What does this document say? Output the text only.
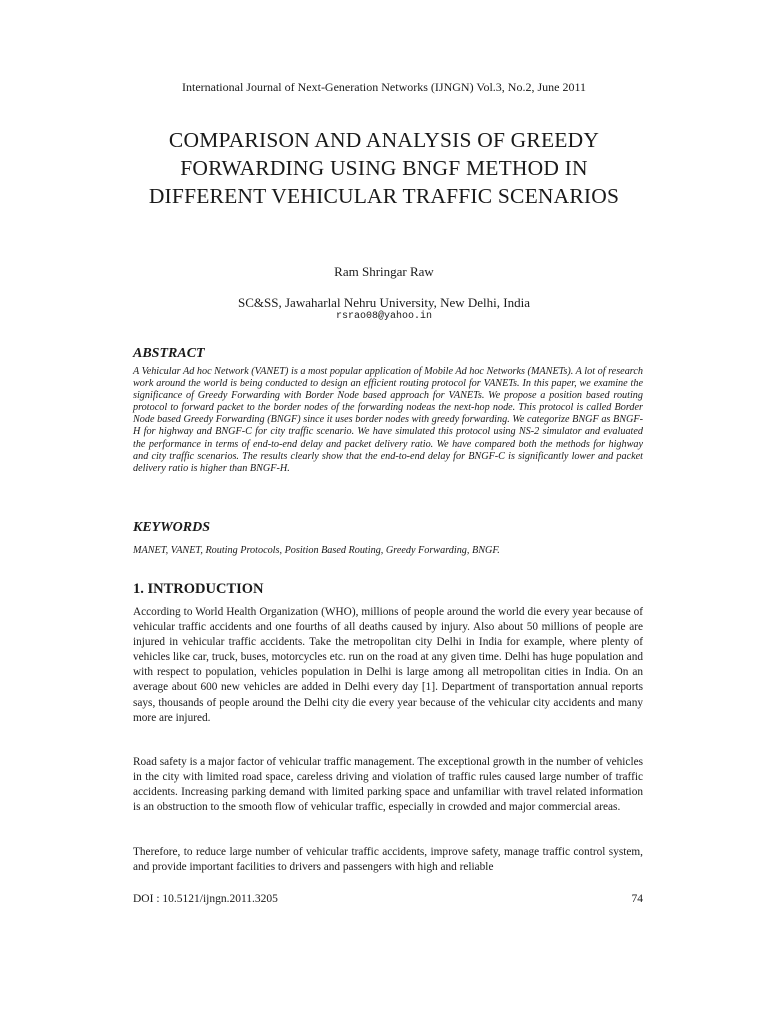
International Journal of Next-Generation Networks (IJNGN) Vol.3, No.2, June 2011
COMPARISON AND ANALYSIS OF GREEDY FORWARDING USING BNGF METHOD IN DIFFERENT VEHICULAR TRAFFIC SCENARIOS
Ram Shringar Raw
SC&SS, Jawaharlal Nehru University, New Delhi, India
rsrao08@yahoo.in
ABSTRACT

A Vehicular Ad hoc Network (VANET) is a most popular application of Mobile Ad hoc Networks (MANETs). A lot of research work around the world is being conducted to design an efficient routing protocol for VANETs. In this paper, we examine the significance of Greedy Forwarding with Border Node based approach for VANETs. We propose a position based routing protocol to forward packet to the border nodes of the forwarding nodeas the next-hop node. This protocol is called Border Node based Greedy Forwarding (BNGF) since it uses border nodes with greedy forwarding. We categorize BNGF as BNGF-H for highway and BNGF-C for city traffic scenario. We have simulated this protocol using NS-2 simulator and evaluated the performance in terms of end-to-end delay and packet delivery ratio. We have compared both the methods for highway and city traffic scenarios. The results clearly show that the end-to-end delay for BNGF-C is significantly lower and packet delivery ratio is higher than BNGF-H.

KEYWORDS

MANET, VANET, Routing Protocols, Position Based Routing, Greedy Forwarding, BNGF.

1. INTRODUCTION

According to World Health Organization (WHO), millions of people around the world die every year because of vehicular traffic accidents and one fourths of all deaths caused by injury. Also about 50 millions of people are injured in vehicular traffic accidents. Take the metropolitan city Delhi in India for example, where plenty of vehicles like car, truck, buses, motorcycles etc. run on the road at any given time. Delhi has huge population and with respect to population, vehicles population in Delhi is large among all metropolitan cities in India. On an average about 600 new vehicles are added in Delhi every day [1]. Department of transportation annual reports says, thousands of people around the Delhi city die every year because of the vehicular city accidents and many more are injured.

Road safety is a major factor of vehicular traffic management. The exceptional growth in the number of vehicles in the city with limited road space, careless driving and violation of traffic rules caused large number of traffic accidents. Increasing parking demand with limited parking space and unfamiliar with travel related information is an obstruction to the smooth flow of vehicular traffic, especially in crowded and major commercial areas.

Therefore, to reduce large number of vehicular traffic accidents, improve safety, manage traffic control system, and provide important facilities to drivers and passengers with high and reliable

DOI : 10.5121/ijngn.2011.3205	74
